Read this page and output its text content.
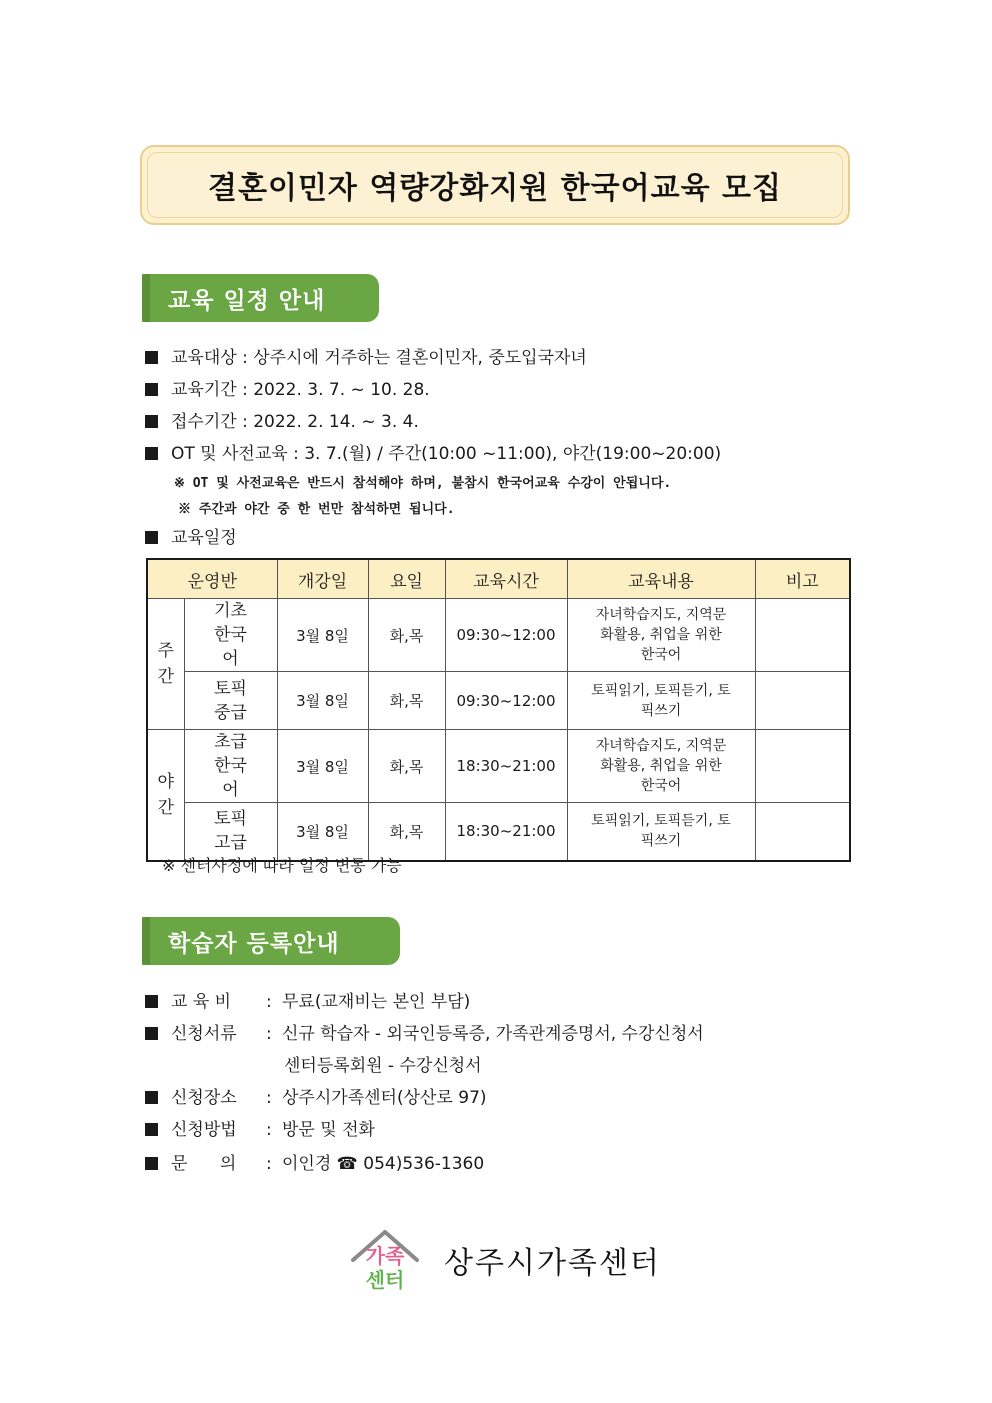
결혼이민자 역량강화지원 한국어교육 모집
교육 일정 안내
교육대상 : 상주시에 거주하는 결혼이민자, 중도입국자녀
교육기간 : 2022. 3. 7. ~ 10. 28.
접수기간 : 2022. 2. 14. ~ 3. 4.
OT 및 사전교육 : 3. 7.(월) / 주간(10:00 ~11:00), 야간(19:00~20:00)
※ OT 및 사전교육은 반드시 참석해야 하며, 불참시 한국어교육 수강이 안됩니다.
※ 주간과 야간 중 한 번만 참석하면 됩니다.
교육일정
운영반		개강일	요일	교육시간	교육내용	비고

주간	기초 한국어	3월 8일	화,목	09:30~12:00	자녀학습지도, 지역문화활용, 취업을 위한 한국어	
	토픽 중급	3월 8일	화,목	09:30~12:00	토픽읽기, 토픽듣기, 토픽쓰기	

야간	초급 한국어	3월 8일	화,목	18:30~21:00	자녀학습지도, 지역문화활용, 취업을 위한 한국어	
	토픽 고급	3월 8일	화,목	18:30~21:00	토픽읽기, 토픽듣기, 토픽쓰기	
※ 센터사정에 따라 일정 변동 가능
학습자 등록안내
교 육 비 : 무료(교재비는 본인 부담)
신청서류 : 신규 학습자 - 외국인등록증, 가족관계증명서, 수강신청서
센터등록회원 - 수강신청서
신청장소 : 상주시가족센터(상산로 97)
신청방법 : 방문 및 전화
문      의 : 이인경 ☎ 054)536-1360
가족
센터	상주시가족센터
